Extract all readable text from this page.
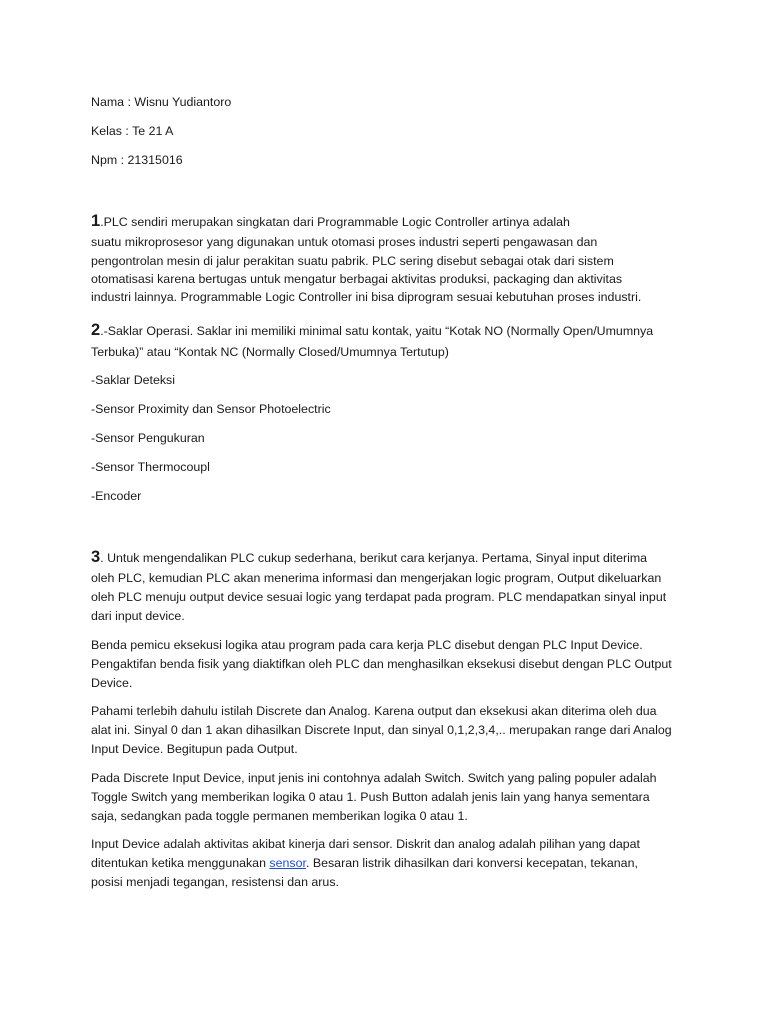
Nama : Wisnu Yudiantoro
Kelas : Te 21 A
Npm : 21315016
1.PLC sendiri merupakan singkatan dari Programmable Logic Controller artinya adalah
suatu mikroprosesor yang digunakan untuk otomasi proses industri seperti pengawasan dan
pengontrolan mesin di jalur perakitan suatu pabrik. PLC sering disebut sebagai otak dari sistem
otomatisasi karena bertugas untuk mengatur berbagai aktivitas produksi, packaging dan aktivitas
industri lainnya. Programmable Logic Controller ini bisa diprogram sesuai kebutuhan proses industri.
2.-Saklar Operasi. Saklar ini memiliki minimal satu kontak, yaitu “Kotak NO (Normally Open/Umumnya
Terbuka)” atau “Kontak NC (Normally Closed/Umumnya Tertutup)
-Saklar Deteksi
-Sensor Proximity dan Sensor Photoelectric
-Sensor Pengukuran
-Sensor Thermocoupl
-Encoder
3. Untuk mengendalikan PLC cukup sederhana, berikut cara kerjanya. Pertama, Sinyal input diterima
oleh PLC, kemudian PLC akan menerima informasi dan mengerjakan logic program, Output dikeluarkan
oleh PLC menuju output device sesuai logic yang terdapat pada program. PLC mendapatkan sinyal input
dari input device.
Benda pemicu eksekusi logika atau program pada cara kerja PLC disebut dengan PLC Input Device.
Pengaktifan benda fisik yang diaktifkan oleh PLC dan menghasilkan eksekusi disebut dengan PLC Output
Device.
Pahami terlebih dahulu istilah Discrete dan Analog. Karena output dan eksekusi akan diterima oleh dua
alat ini. Sinyal 0 dan 1 akan dihasilkan Discrete Input, dan sinyal 0,1,2,3,4,.. merupakan range dari Analog
Input Device. Begitupun pada Output.
Pada Discrete Input Device, input jenis ini contohnya adalah Switch. Switch yang paling populer adalah
Toggle Switch yang memberikan logika 0 atau 1. Push Button adalah jenis lain yang hanya sementara
saja, sedangkan pada toggle permanen memberikan logika 0 atau 1.
Input Device adalah aktivitas akibat kinerja dari sensor. Diskrit dan analog adalah pilihan yang dapat
ditentukan ketika menggunakan sensor. Besaran listrik dihasilkan dari konversi kecepatan, tekanan,
posisi menjadi tegangan, resistensi dan arus.
